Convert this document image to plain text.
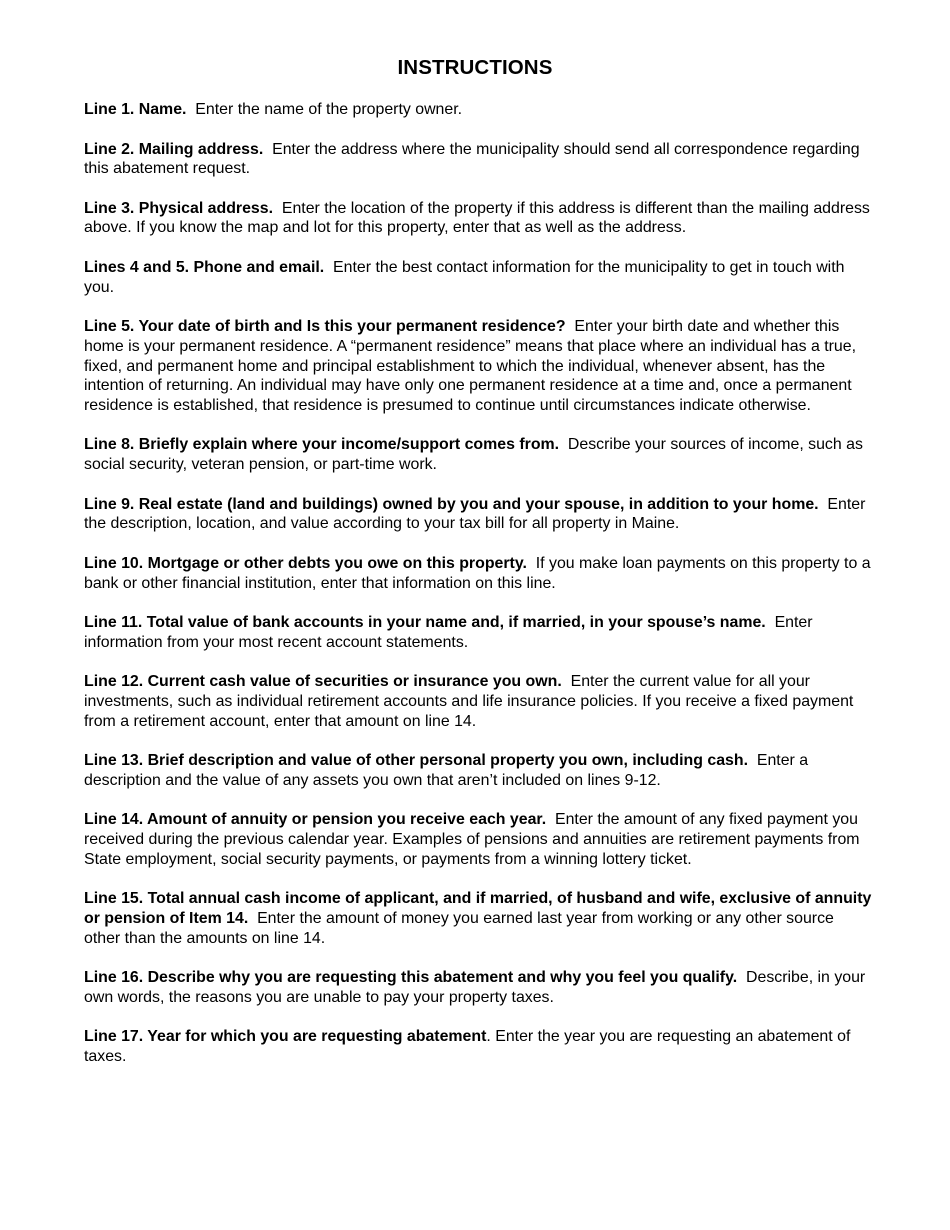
INSTRUCTIONS
Line 1. Name. Enter the name of the property owner.
Line 2. Mailing address. Enter the address where the municipality should send all correspondence regarding this abatement request.
Line 3. Physical address. Enter the location of the property if this address is different than the mailing address above. If you know the map and lot for this property, enter that as well as the address.
Lines 4 and 5. Phone and email. Enter the best contact information for the municipality to get in touch with you.
Line 5. Your date of birth and Is this your permanent residence? Enter your birth date and whether this home is your permanent residence. A “permanent residence” means that place where an individual has a true, fixed, and permanent home and principal establishment to which the individual, whenever absent, has the intention of returning. An individual may have only one permanent residence at a time and, once a permanent residence is established, that residence is presumed to continue until circumstances indicate otherwise.
Line 8. Briefly explain where your income/support comes from. Describe your sources of income, such as social security, veteran pension, or part-time work.
Line 9. Real estate (land and buildings) owned by you and your spouse, in addition to your home. Enter the description, location, and value according to your tax bill for all property in Maine.
Line 10. Mortgage or other debts you owe on this property. If you make loan payments on this property to a bank or other financial institution, enter that information on this line.
Line 11. Total value of bank accounts in your name and, if married, in your spouse’s name. Enter information from your most recent account statements.
Line 12. Current cash value of securities or insurance you own. Enter the current value for all your investments, such as individual retirement accounts and life insurance policies. If you receive a fixed payment from a retirement account, enter that amount on line 14.
Line 13. Brief description and value of other personal property you own, including cash. Enter a description and the value of any assets you own that aren’t included on lines 9-12.
Line 14. Amount of annuity or pension you receive each year. Enter the amount of any fixed payment you received during the previous calendar year. Examples of pensions and annuities are retirement payments from State employment, social security payments, or payments from a winning lottery ticket.
Line 15. Total annual cash income of applicant, and if married, of husband and wife, exclusive of annuity or pension of Item 14. Enter the amount of money you earned last year from working or any other source other than the amounts on line 14.
Line 16. Describe why you are requesting this abatement and why you feel you qualify. Describe, in your own words, the reasons you are unable to pay your property taxes.
Line 17. Year for which you are requesting abatement. Enter the year you are requesting an abatement of taxes.
